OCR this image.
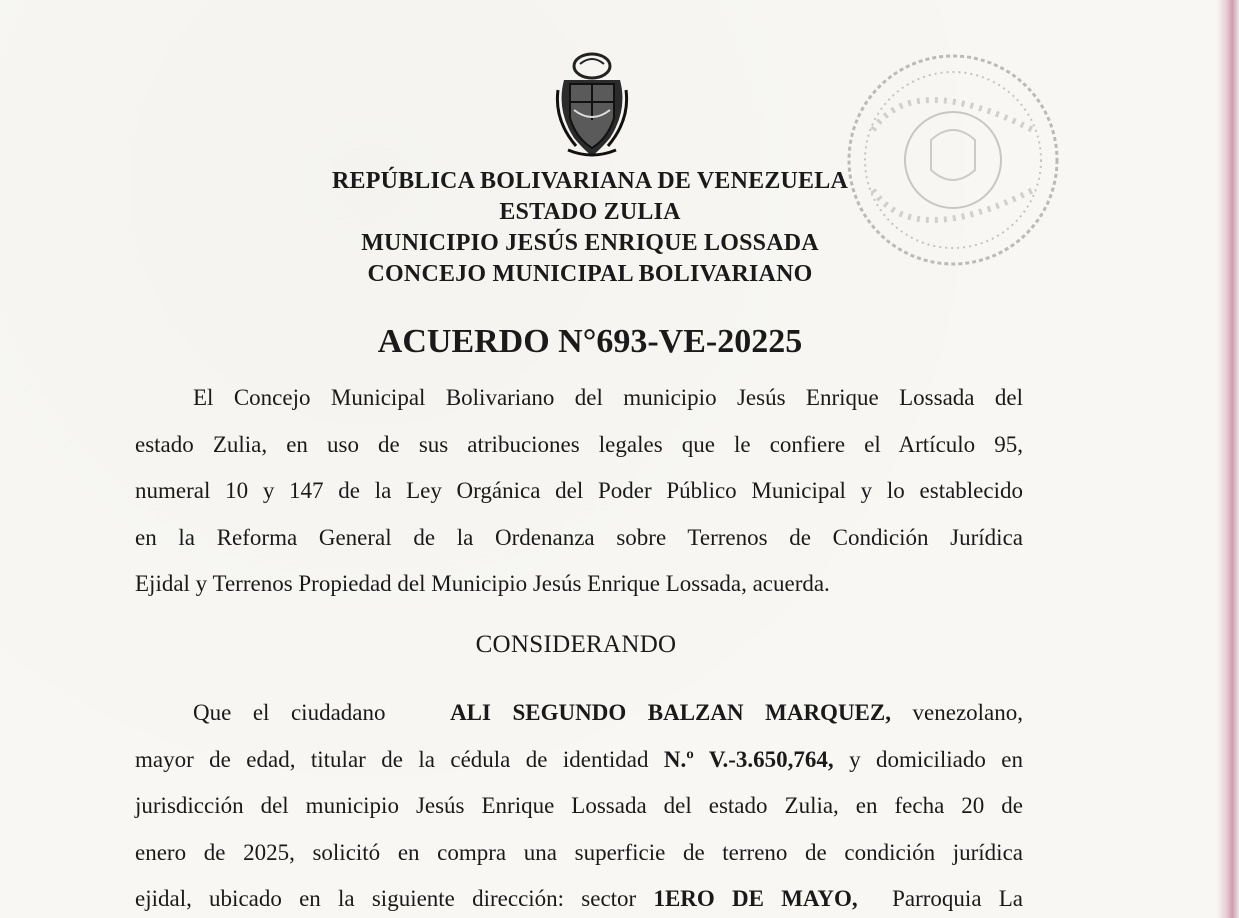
REPÚBLICA BOLIVARIANA DE VENEZUELA
ESTADO ZULIA
MUNICIPIO JESÚS ENRIQUE LOSSADA
CONCEJO MUNICIPAL BOLIVARIANO
ACUERDO N°693-VE-20225
El Concejo Municipal Bolivariano del municipio Jesús Enrique Lossada del
estado Zulia, en uso de sus atribuciones legales que le confiere el Artículo 95,
numeral 10 y 147 de la Ley Orgánica del Poder Público Municipal y lo establecido
en la Reforma General de la Ordenanza sobre Terrenos de Condición Jurídica
Ejidal y Terrenos Propiedad del Municipio Jesús Enrique Lossada, acuerda.
CONSIDERANDO
Que el ciudadano	ALI SEGUNDO BALZAN MARQUEZ, venezolano,
mayor de edad, titular de la cédula de identidad N.º V.-3.650,764, y domiciliado en
jurisdicción del municipio Jesús Enrique Lossada del estado Zulia, en fecha 20 de
enero de 2025, solicitó en compra una superficie de terreno de condición jurídica
ejidal, ubicado en la siguiente dirección: sector 1ERO DE MAYO, Parroquia La
